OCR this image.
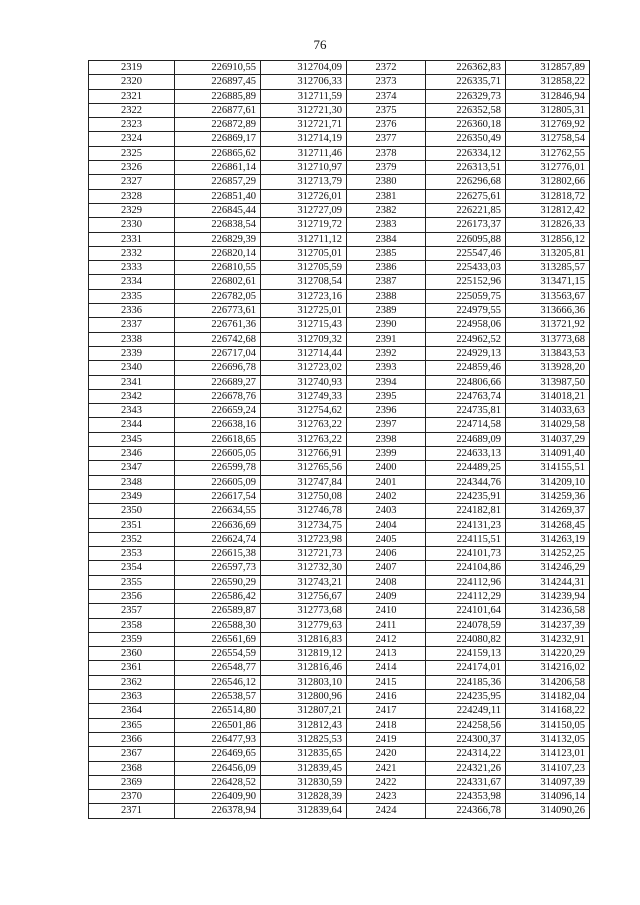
76
2319	226910,55	312704,09	2372	226362,83	312857,89
2320	226897,45	312706,33	2373	226335,71	312858,22
2321	226885,89	312711,59	2374	226329,73	312846,94
2322	226877,61	312721,30	2375	226352,58	312805,31
2323	226872,89	312721,71	2376	226360,18	312769,92
2324	226869,17	312714,19	2377	226350,49	312758,54
2325	226865,62	312711,46	2378	226334,12	312762,55
2326	226861,14	312710,97	2379	226313,51	312776,01
2327	226857,29	312713,79	2380	226296,68	312802,66
2328	226851,40	312726,01	2381	226275,61	312818,72
2329	226845,44	312727,09	2382	226221,85	312812,42
2330	226838,54	312719,72	2383	226173,37	312826,33
2331	226829,39	312711,12	2384	226095,88	312856,12
2332	226820,14	312705,01	2385	225547,46	313205,81
2333	226810,55	312705,59	2386	225433,03	313285,57
2334	226802,61	312708,54	2387	225152,96	313471,15
2335	226782,05	312723,16	2388	225059,75	313563,67
2336	226773,61	312725,01	2389	224979,55	313666,36
2337	226761,36	312715,43	2390	224958,06	313721,92
2338	226742,68	312709,32	2391	224962,52	313773,68
2339	226717,04	312714,44	2392	224929,13	313843,53
2340	226696,78	312723,02	2393	224859,46	313928,20
2341	226689,27	312740,93	2394	224806,66	313987,50
2342	226678,76	312749,33	2395	224763,74	314018,21
2343	226659,24	312754,62	2396	224735,81	314033,63
2344	226638,16	312763,22	2397	224714,58	314029,58
2345	226618,65	312763,22	2398	224689,09	314037,29
2346	226605,05	312766,91	2399	224633,13	314091,40
2347	226599,78	312765,56	2400	224489,25	314155,51
2348	226605,09	312747,84	2401	224344,76	314209,10
2349	226617,54	312750,08	2402	224235,91	314259,36
2350	226634,55	312746,78	2403	224182,81	314269,37
2351	226636,69	312734,75	2404	224131,23	314268,45
2352	226624,74	312723,98	2405	224115,51	314263,19
2353	226615,38	312721,73	2406	224101,73	314252,25
2354	226597,73	312732,30	2407	224104,86	314246,29
2355	226590,29	312743,21	2408	224112,96	314244,31
2356	226586,42	312756,67	2409	224112,29	314239,94
2357	226589,87	312773,68	2410	224101,64	314236,58
2358	226588,30	312779,63	2411	224078,59	314237,39
2359	226561,69	312816,83	2412	224080,82	314232,91
2360	226554,59	312819,12	2413	224159,13	314220,29
2361	226548,77	312816,46	2414	224174,01	314216,02
2362	226546,12	312803,10	2415	224185,36	314206,58
2363	226538,57	312800,96	2416	224235,95	314182,04
2364	226514,80	312807,21	2417	224249,11	314168,22
2365	226501,86	312812,43	2418	224258,56	314150,05
2366	226477,93	312825,53	2419	224300,37	314132,05
2367	226469,65	312835,65	2420	224314,22	314123,01
2368	226456,09	312839,45	2421	224321,26	314107,23
2369	226428,52	312830,59	2422	224331,67	314097,39
2370	226409,90	312828,39	2423	224353,98	314096,14
2371	226378,94	312839,64	2424	224366,78	314090,26
